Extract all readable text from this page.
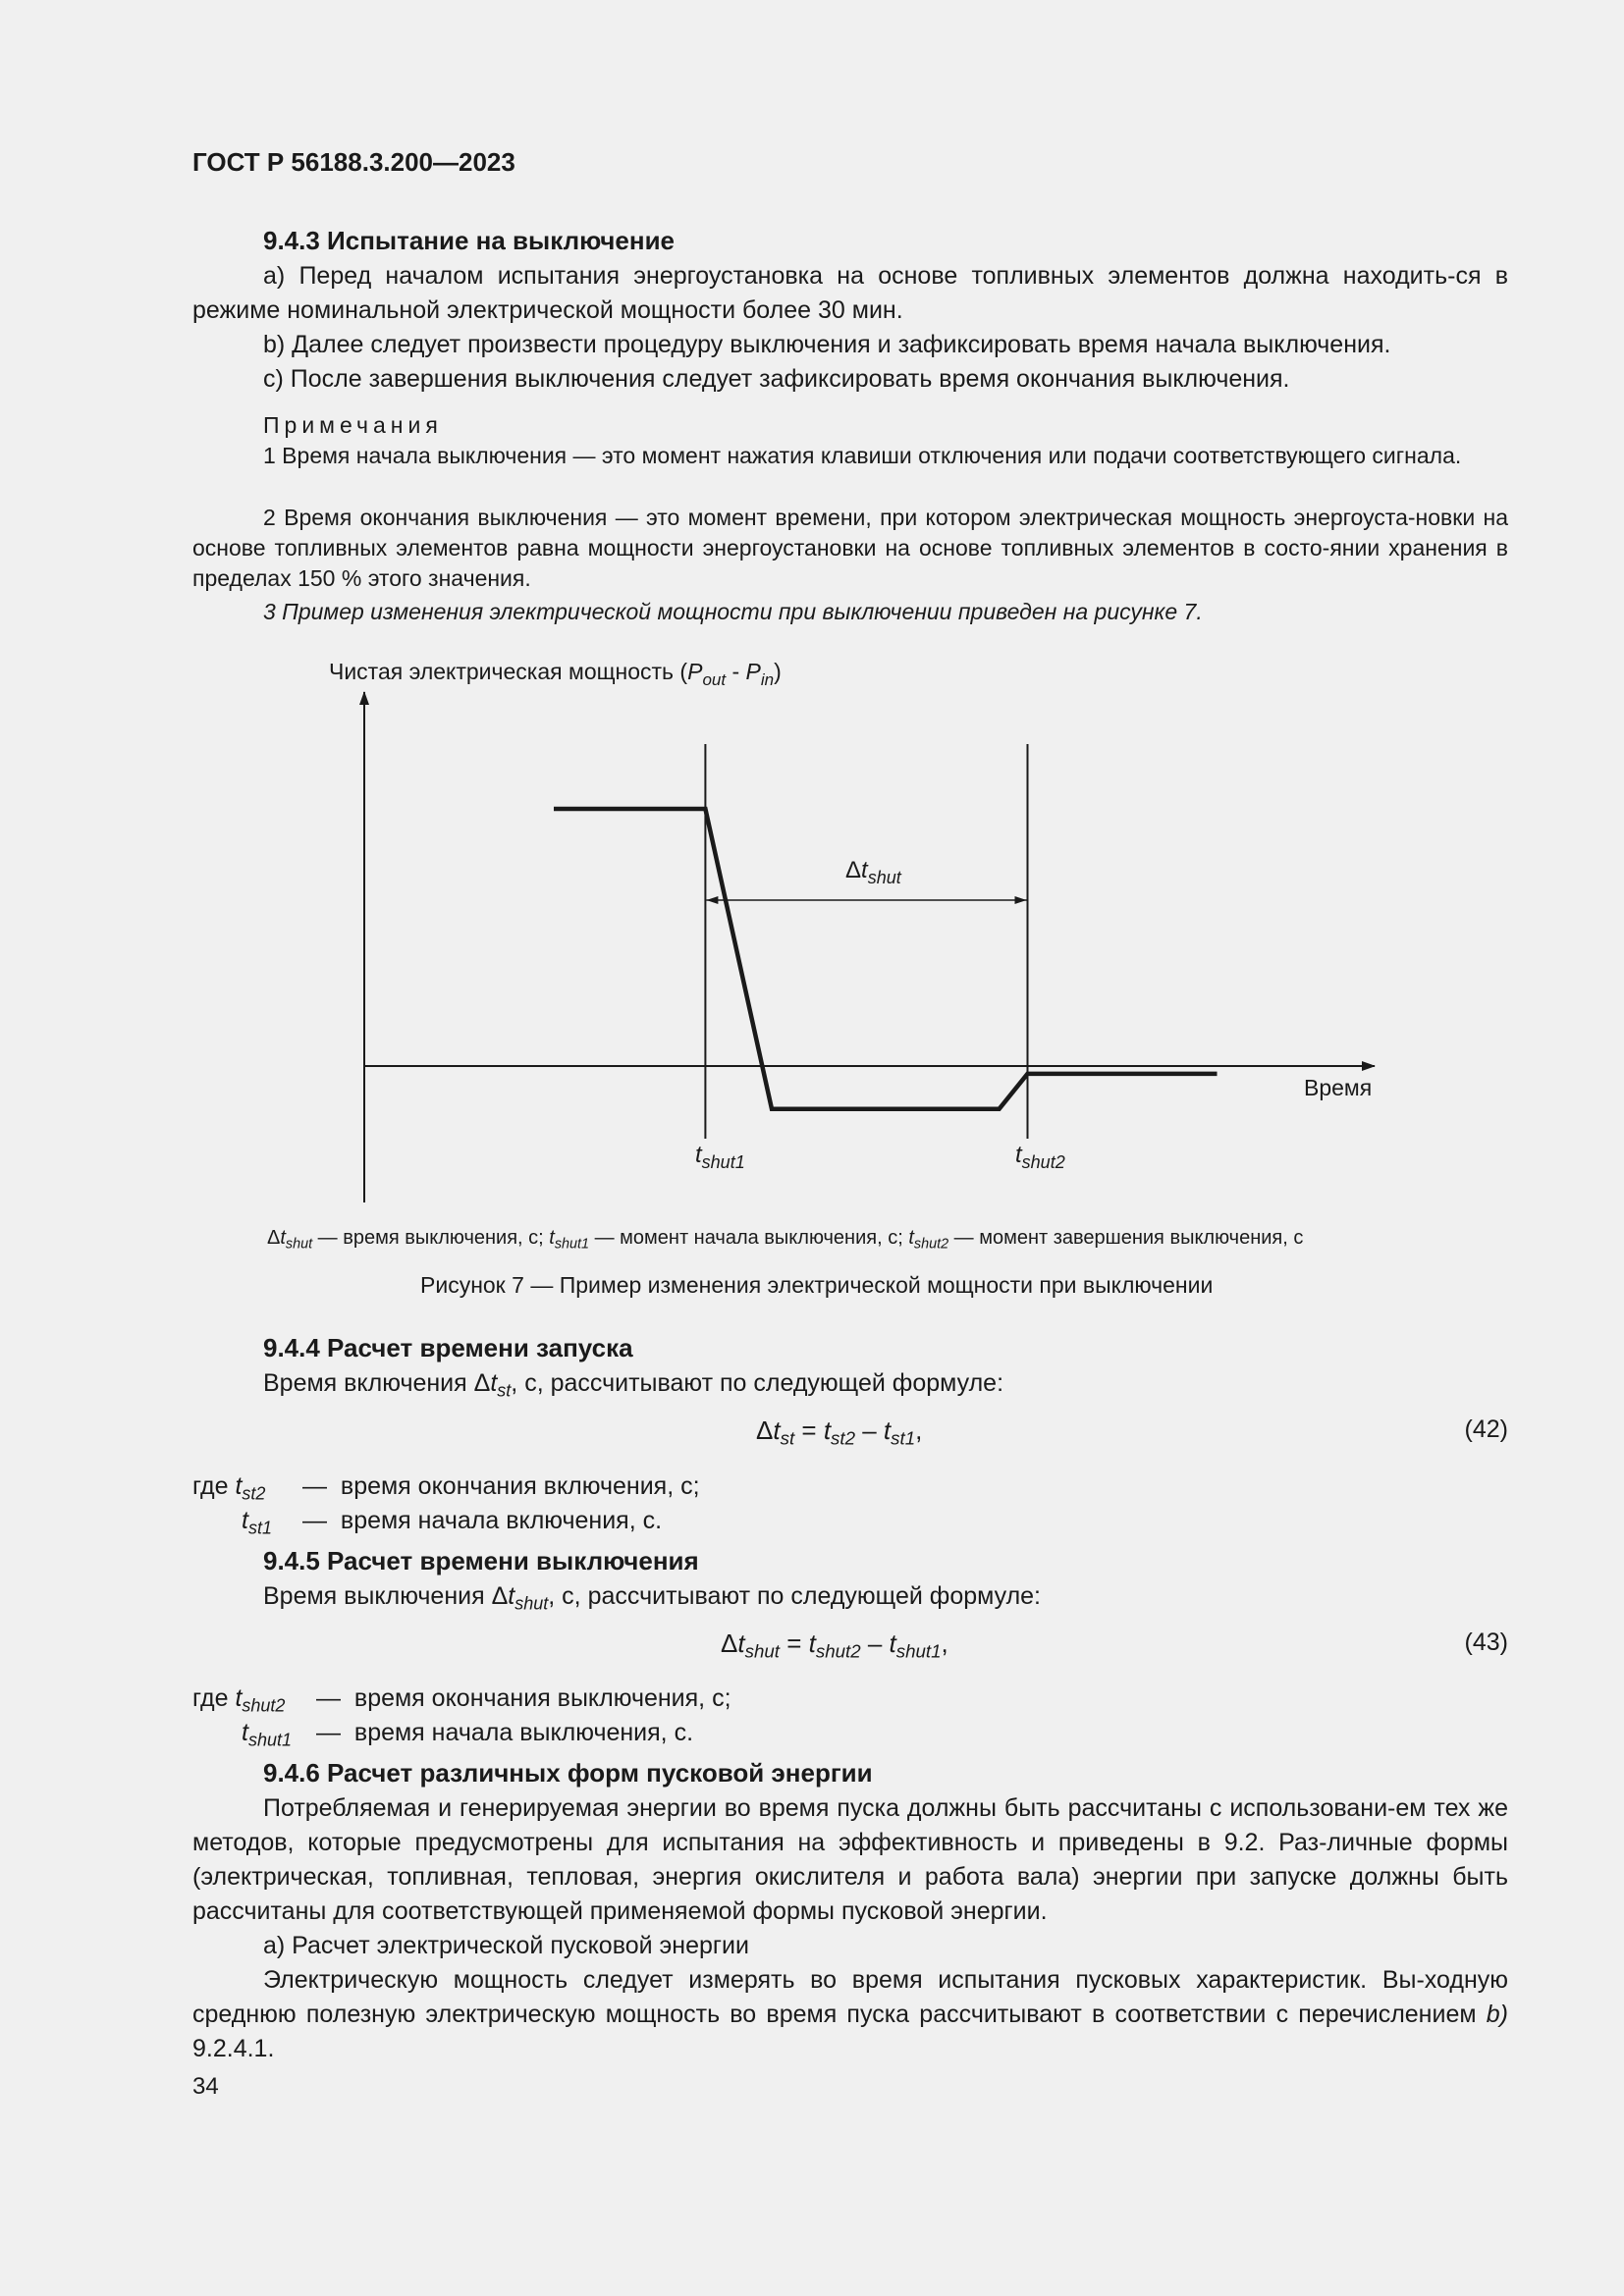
ГОСТ Р 56188.3.200—2023
9.4.3 Испытание на выключение
а) Перед началом испытания энергоустановка на основе топливных элементов должна находить-ся в режиме номинальной электрической мощности более 30 мин.
b) Далее следует произвести процедуру выключения и зафиксировать время начала выключения.
с) После завершения выключения следует зафиксировать время окончания выключения.
Примечания
1 Время начала выключения — это момент нажатия клавиши отключения или подачи соответствующего сигнала.
2 Время окончания выключения — это момент времени, при котором электрическая мощность энергоуста-новки на основе топливных элементов равна мощности энергоустановки на основе топливных элементов в состо-янии хранения в пределах 150 % этого значения.
3 Пример изменения электрической мощности при выключении приведен на рисунке 7.
Чистая электрическая мощность $(P_{out} - P_{in})$
Время
$\Delta t_{shut}$
$t_{shut1}$	$t_{shut2}$
$\Delta t_{shut}$ — время выключения, с; $t_{shut1}$ — момент начала выключения, с; $t_{shut2}$ — момент завершения выключения, с
Рисунок 7 — Пример изменения электрической мощности при выключении
9.4.4 Расчет времени запуска
Время включения $\Delta t_{st}$, с, рассчитывают по следующей формуле:
$\Delta t_{st} = t_{st2} - t_{st1}$,	(42)
где $t_{st2}$ — время окончания включения, с;
$t_{st1}$ — время начала включения, с.
9.4.5 Расчет времени выключения
Время выключения $\Delta t_{shut}$, с, рассчитывают по следующей формуле:
$\Delta t_{shut} = t_{shut2} - t_{shut1}$,	(43)
где $t_{shut2}$ — время окончания выключения, с;
$t_{shut1}$ — время начала выключения, с.
9.4.6 Расчет различных форм пусковой энергии
Потребляемая и генерируемая энергии во время пуска должны быть рассчитаны с использовани-ем тех же методов, которые предусмотрены для испытания на эффективность и приведены в 9.2. Раз-личные формы (электрическая, топливная, тепловая, энергия окислителя и работа вала) энергии при запуске должны быть рассчитаны для соответствующей применяемой формы пусковой энергии.
а) Расчет электрической пусковой энергии
Электрическую мощность следует измерять во время испытания пусковых характеристик. Вы-ходную среднюю полезную электрическую мощность во время пуска рассчитывают в соответствии с перечислением b) 9.2.4.1.
34
